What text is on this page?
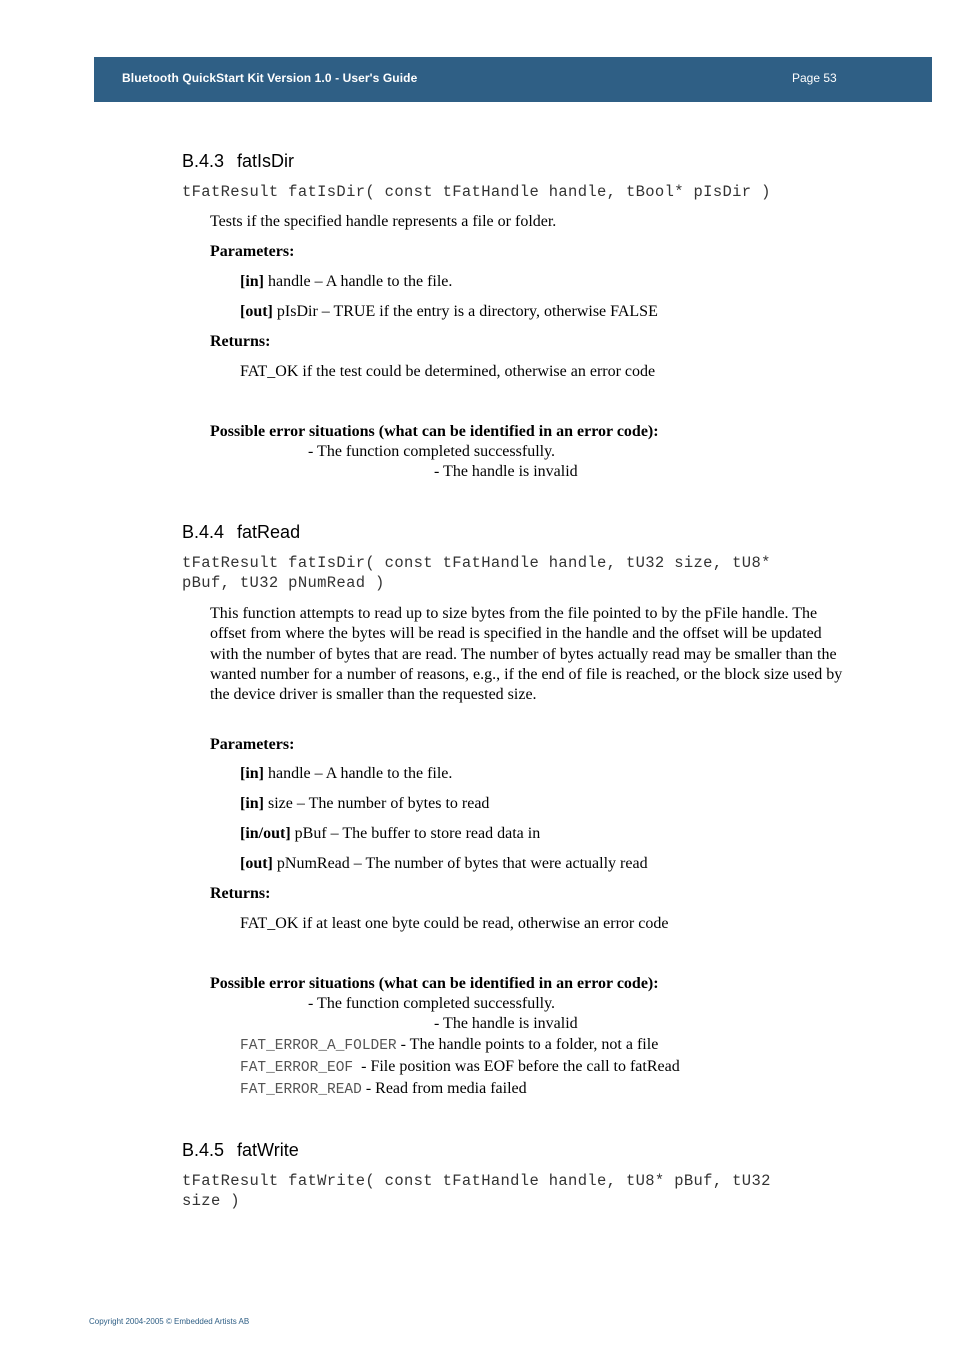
Bluetooth QuickStart Kit Version 1.0 - User's Guide	Page 53
B.4.3 fatIsDir
tFatResult fatIsDir( const tFatHandle handle, tBool* pIsDir )
Tests if the specified handle represents a file or folder.
Parameters:
[in] handle – A handle to the file.
[out] pIsDir – TRUE if the entry is a directory, otherwise FALSE
Returns:
FAT_OK if the test could be determined, otherwise an error code
Possible error situations (what can be identified in an error code):
- The function completed successfully.
- The handle is invalid
B.4.4 fatRead
tFatResult fatIsDir( const tFatHandle handle, tU32 size, tU8*
pBuf, tU32 pNumRead )
This function attempts to read up to size bytes from the file pointed to by the pFile handle. The offset from where the bytes will be read is specified in the handle and the offset will be updated with the number of bytes that are read. The number of bytes actually read may be smaller than the wanted number for a number of reasons, e.g., if the end of file is reached, or the block size used by the device driver is smaller than the requested size.
Parameters:
[in] handle – A handle to the file.
[in] size – The number of bytes to read
[in/out] pBuf – The buffer to store read data in
[out] pNumRead – The number of bytes that were actually read
Returns:
FAT_OK if at least one byte could be read, otherwise an error code
Possible error situations (what can be identified in an error code):
- The function completed successfully.
- The handle is invalid
FAT_ERROR_A_FOLDER - The handle points to a folder, not a file
FAT_ERROR_EOF  - File position was EOF before the call to fatRead
FAT_ERROR_READ - Read from media failed
B.4.5 fatWrite
tFatResult fatWrite( const tFatHandle handle, tU8* pBuf, tU32
size )
Copyright 2004-2005 © Embedded Artists AB
